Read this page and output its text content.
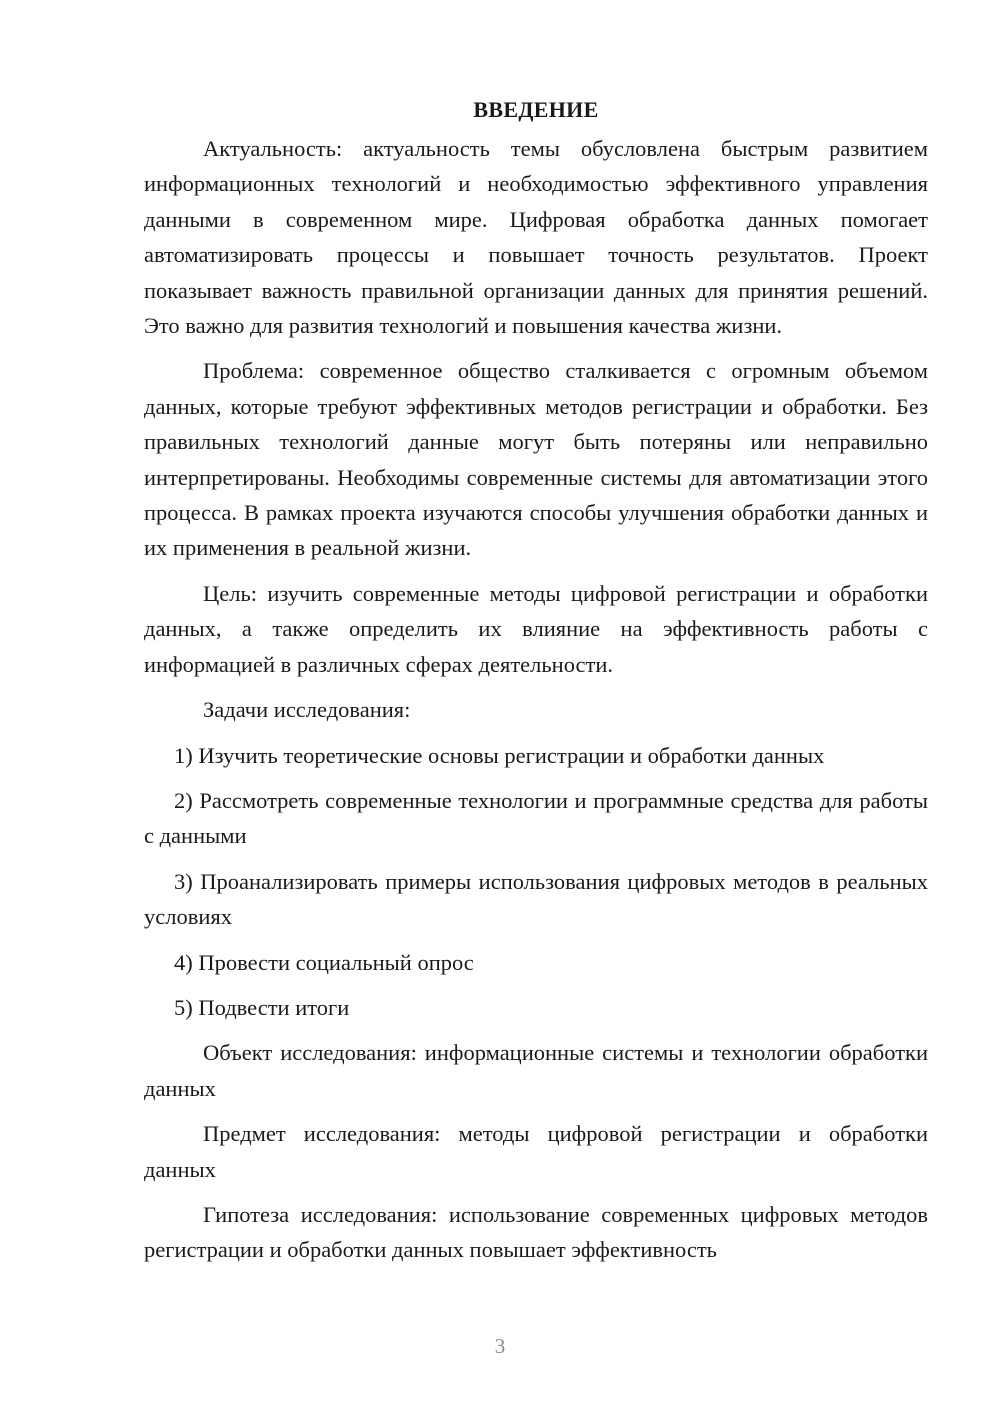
ВВЕДЕНИЕ

Актуальность: актуальность темы обусловлена быстрым развитием информационных технологий и необходимостью эффективного управления данными в современном мире. Цифровая обработка данных помогает автоматизировать процессы и повышает точность результатов. Проект показывает важность правильной организации данных для принятия решений. Это важно для развития технологий и повышения качества жизни.

Проблема: современное общество сталкивается с огромным объемом данных, которые требуют эффективных методов регистрации и обработки. Без правильных технологий данные могут быть потеряны или неправильно интерпретированы. Необходимы современные системы для автоматизации этого процесса. В рамках проекта изучаются способы улучшения обработки данных и их применения в реальной жизни.

Цель: изучить современные методы цифровой регистрации и обработки данных, а также определить их влияние на эффективность работы с информацией в различных сферах деятельности.

Задачи исследования:

1) Изучить теоретические основы регистрации и обработки данных

2) Рассмотреть современные технологии и программные средства для работы с данными

3) Проанализировать примеры использования цифровых методов в реальных условиях

4) Провести социальный опрос

5) Подвести итоги

Объект исследования: информационные системы и технологии обработки данных

Предмет исследования: методы цифровой регистрации и обработки данных

Гипотеза исследования: использование современных цифровых методов регистрации и обработки данных повышает эффективность

3
